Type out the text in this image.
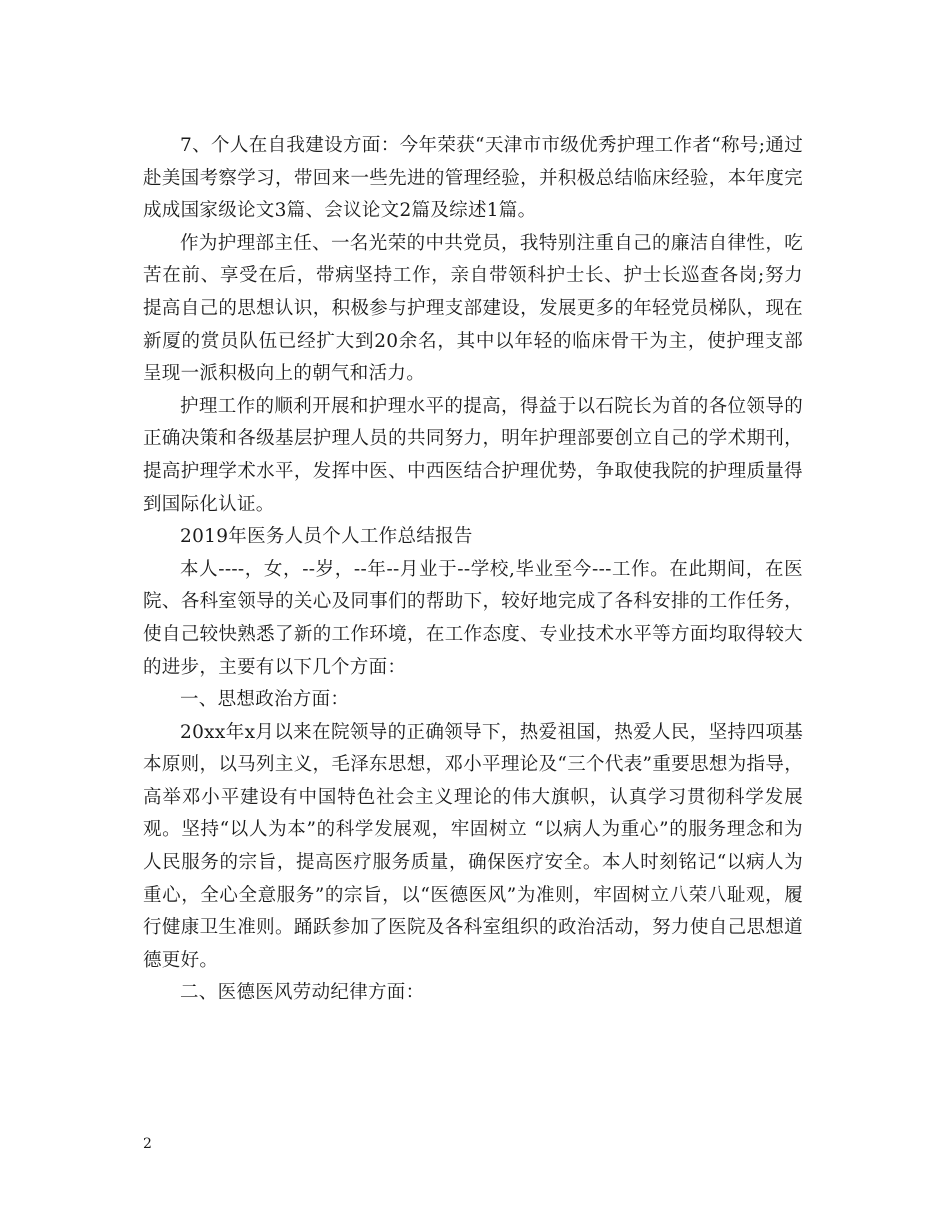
7、个人在自我建设方面：今年荣获“天津市市级优秀护理工作者“称号;通过赴美国考察学习，带回来一些先进的管理经验，并积极总结临床经验，本年度完成成国家级论文3篇、会议论文2篇及综述1篇。

作为护理部主任、一名光荣的中共党员，我特别注重自己的廉洁自律性，吃苦在前、享受在后，带病坚持工作，亲自带领科护士长、护士长巡查各岗;努力提高自己的思想认识，积极参与护理支部建设，发展更多的年轻党员梯队，现在新厦的赏员队伍已经扩大到20余名，其中以年轻的临床骨干为主，使护理支部呈现一派积极向上的朝气和活力。

护理工作的顺利开展和护理水平的提高，得益于以石院长为首的各位领导的正确决策和各级基层护理人员的共同努力，明年护理部要创立自己的学术期刊，提高护理学术水平，发挥中医、中西医结合护理优势，争取使我院的护理质量得到国际化认证。

2019年医务人员个人工作总结报告

本人----，女，--岁，--年--月业于--学校,毕业至今---工作。在此期间，在医院、各科室领导的关心及同事们的帮助下，较好地完成了各科安排的工作任务，使自己较快熟悉了新的工作环境，在工作态度、专业技术水平等方面均取得较大的进步，主要有以下几个方面：

一、思想政治方面：

20xx年x月以来在院领导的正确领导下，热爱祖国，热爱人民，坚持四项基本原则，以马列主义，毛泽东思想，邓小平理论及“三个代表”重要思想为指导，高举邓小平建设有中国特色社会主义理论的伟大旗帜，认真学习贯彻科学发展观。坚持“以人为本”的科学发展观，牢固树立 “以病人为重心”的服务理念和为人民服务的宗旨，提高医疗服务质量，确保医疗安全。本人时刻铭记“以病人为重心，全心全意服务”的宗旨，以“医德医风”为准则，牢固树立八荣八耻观，履行健康卫生准则。踊跃参加了医院及各科室组织的政治活动，努力使自己思想道德更好。

二、医德医风劳动纪律方面：

2
